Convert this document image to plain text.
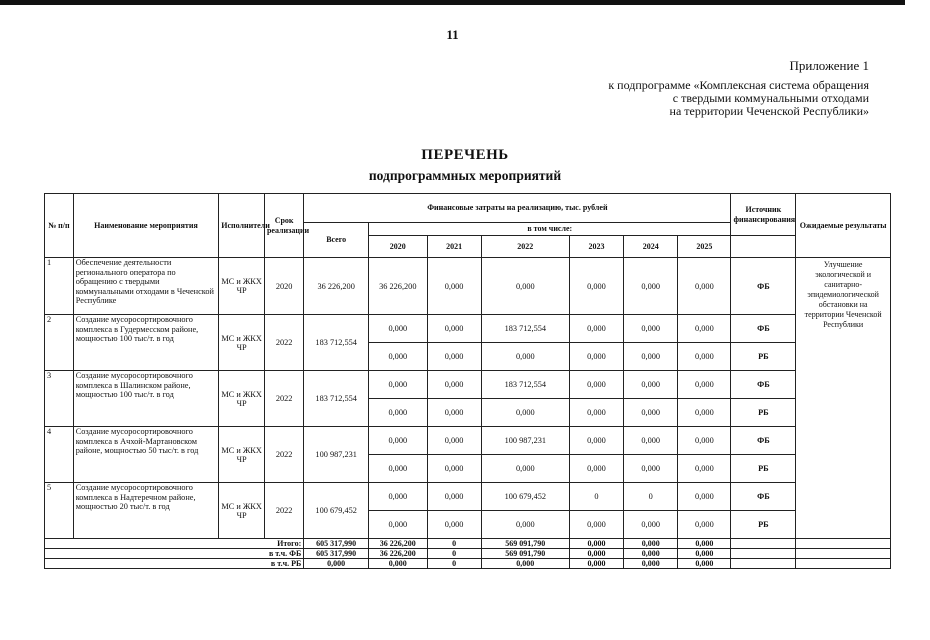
11
Приложение 1
к подпрограмме «Комплексная система обращения
с твердыми коммунальными отходами
на территории Чеченской Республики»
ПЕРЕЧЕНЬ
подпрограммных мероприятий
№ п/п	Наименование мероприятия	Исполнители	Срок реализации	Финансовые затраты на реализацию, тыс. рублей							Источник финансирования	Ожидаемые результаты
				Всего	в том числе:							
					2020	2021	2022	2023	2024	2025		
1	Обеспечение деятельности регионального оператора по обращению с твердыми коммунальными отходами в Чеченской Республике	МС и ЖКХ ЧР	2020	36 226,200	36 226,200	0,000	0,000	0,000	0,000	0,000	ФБ	Улучшение экологической и санитарно-эпидемиологической обстановки на территории Чеченской Республики
2	Создание мусоросортировочного комплекса в Гудермесском районе, мощностью 100 тыс/т. в год	МС и ЖКХ ЧР	2022	183 712,554	0,000	0,000	183 712,554	0,000	0,000	0,000	ФБ	
					0,000	0,000	0,000	0,000	0,000	0,000	РБ	
3	Создание мусоросортировочного комплекса в Шалинском районе, мощностью 100 тыс/т. в год	МС и ЖКХ ЧР	2022	183 712,554	0,000	0,000	183 712,554	0,000	0,000	0,000	ФБ	
					0,000	0,000	0,000	0,000	0,000	0,000	РБ	
4	Создание мусоросортировочного комплекса в Ачхой-Мартановском районе, мощностью 50 тыс/т. в год	МС и ЖКХ ЧР	2022	100 987,231	0,000	0,000	100 987,231	0,000	0,000	0,000	ФБ	
					0,000	0,000	0,000	0,000	0,000	0,000	РБ	
5	Создание мусоросортировочного комплекса в Надтеречном районе, мощностью 20 тыс/т. в год	МС и ЖКХ ЧР	2022	100 679,452	0,000	0,000	100 679,452	0	0	0,000	ФБ	
					0,000	0,000	0,000	0,000	0,000	0,000	РБ	
Итого:				605 317,990	36 226,200	0	569 091,790	0,000	0,000	0,000		
в т.ч. ФБ				605 317,990	36 226,200	0	569 091,790	0,000	0,000	0,000		
в т.ч. РБ				0,000	0,000	0	0,000	0,000	0,000	0,000		
